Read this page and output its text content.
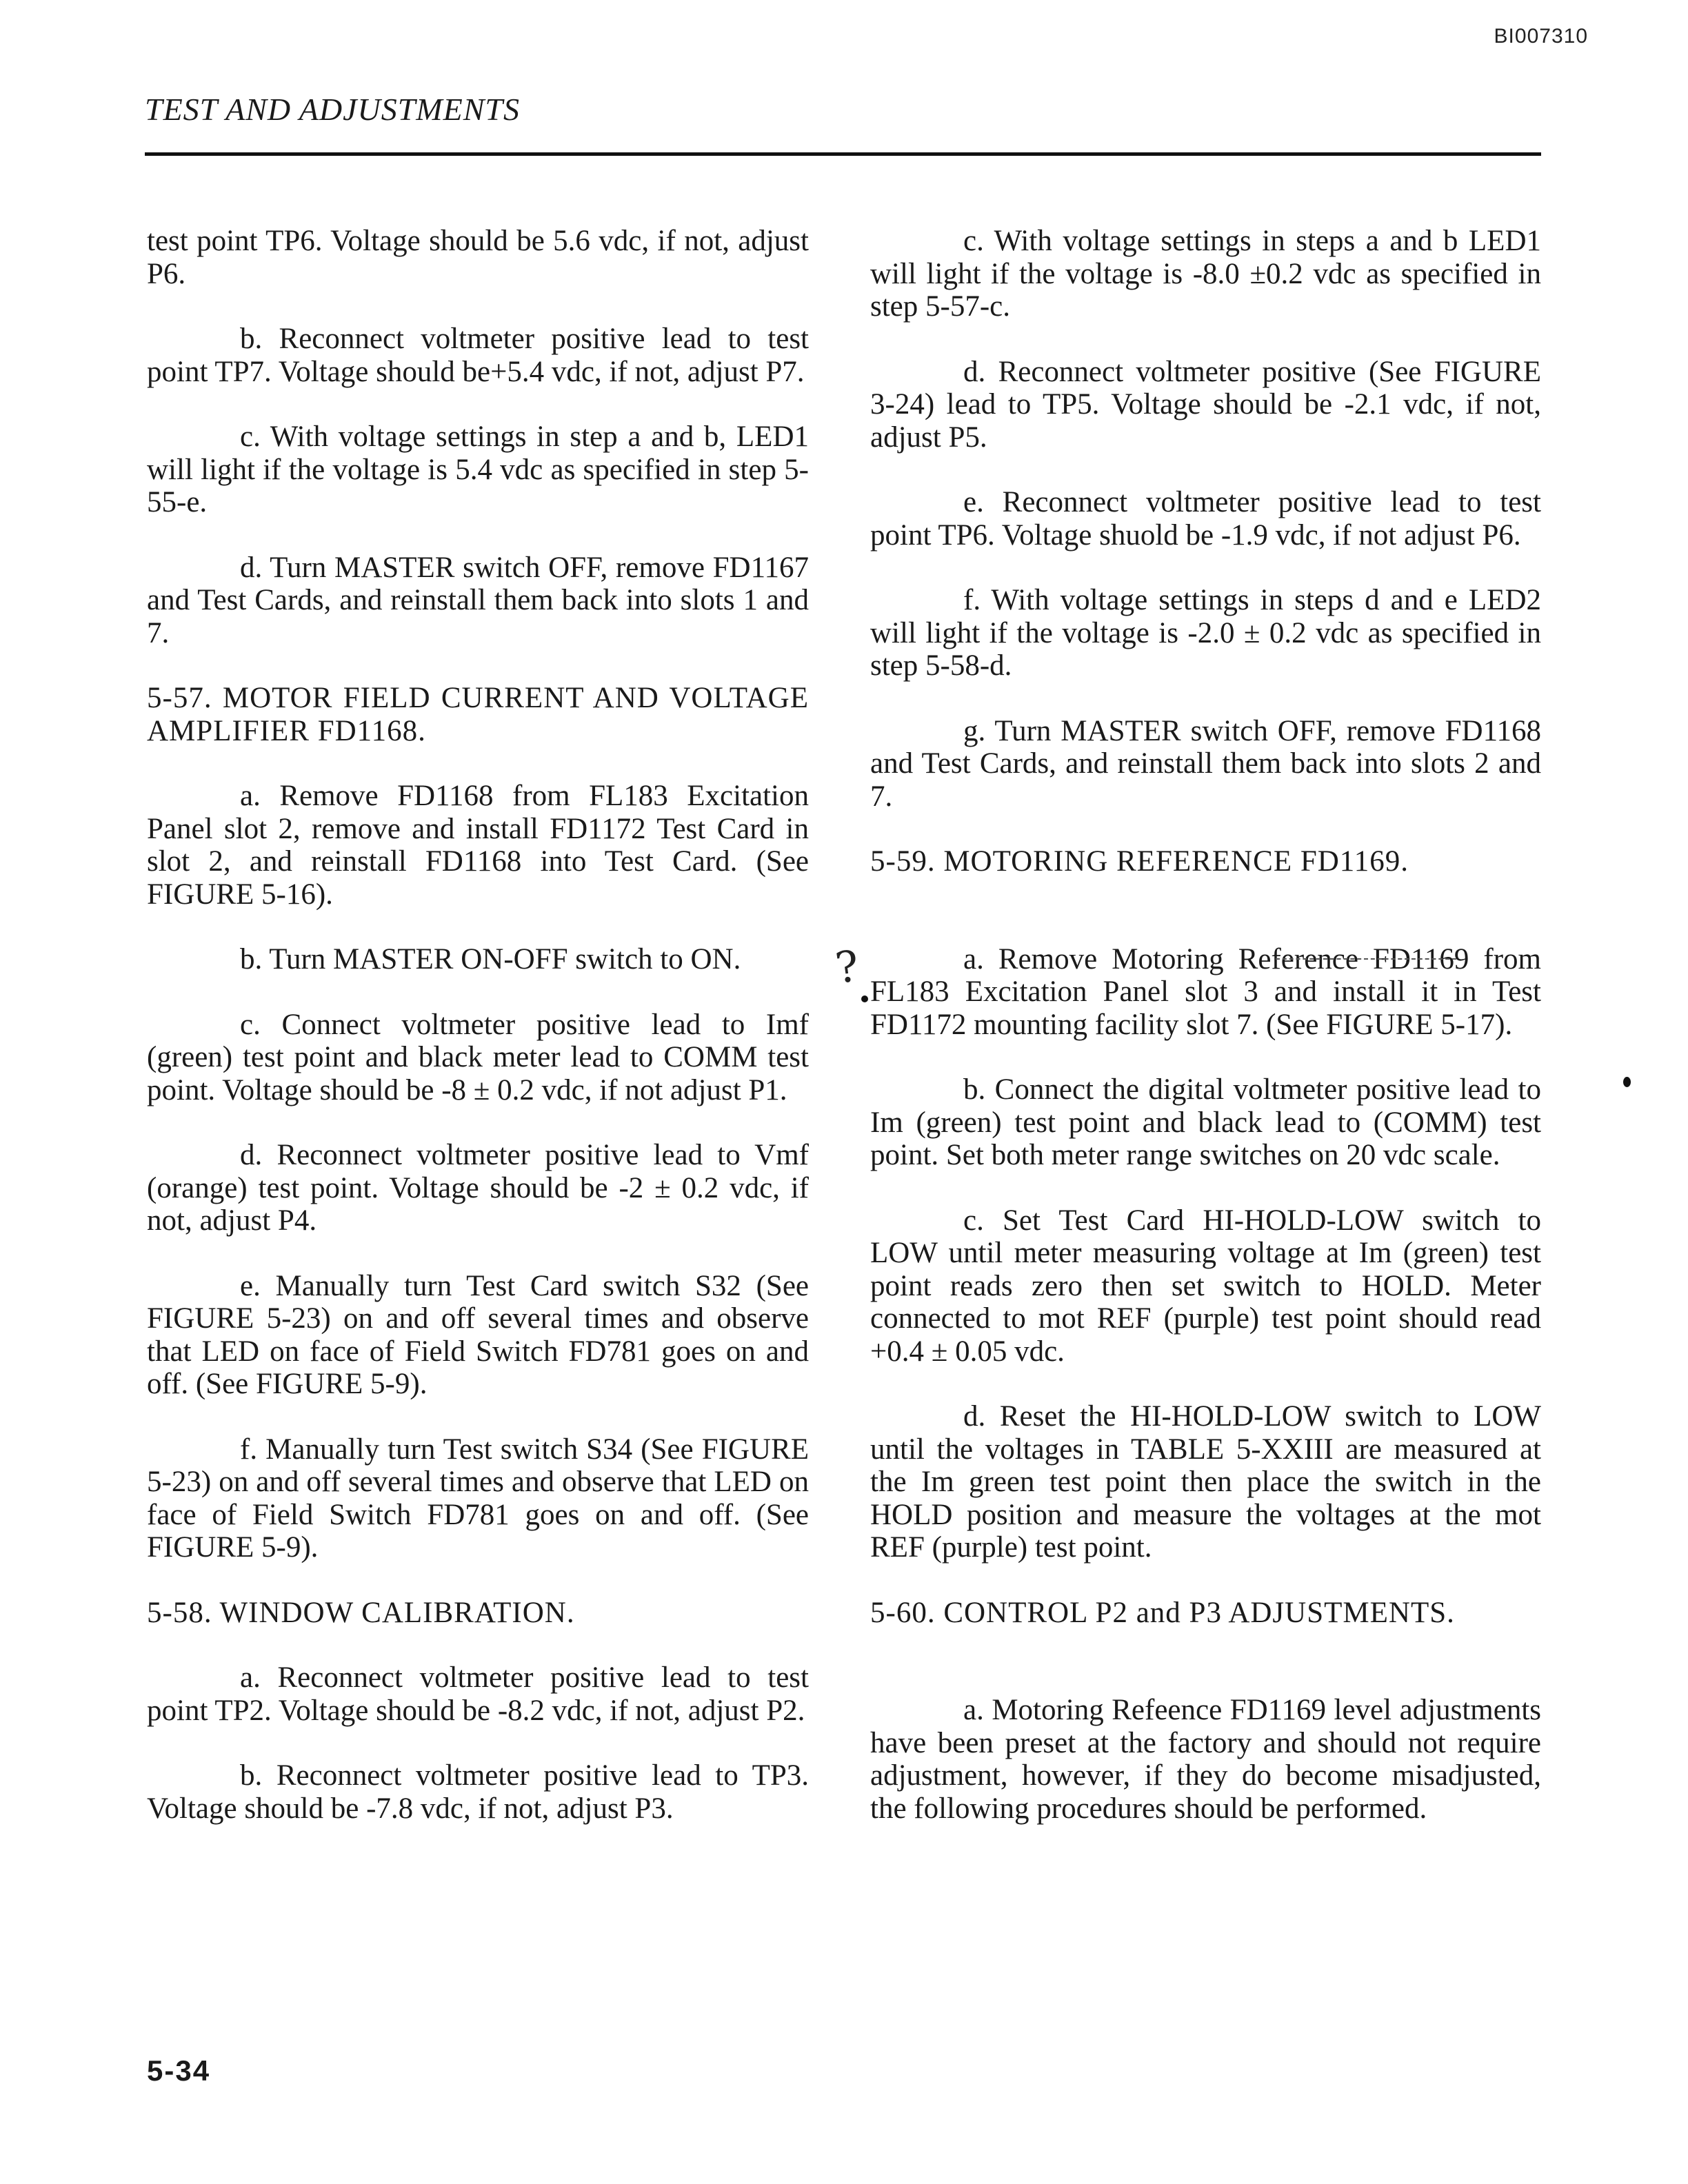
BI007310
TEST AND ADJUSTMENTS

test point TP6. Voltage should be 5.6 vdc, if not, adjust P6.

b. Reconnect voltmeter positive lead to test point TP7. Voltage should be+5.4 vdc, if not, adjust P7.

c. With voltage settings in step a and b, LED1 will light if the voltage is 5.4 vdc as specified in step 5-55-e.

d. Turn MASTER switch OFF, remove FD1167 and Test Cards, and reinstall them back into slots 1 and 7.

5-57. MOTOR FIELD CURRENT AND VOLTAGE AMPLIFIER FD1168.

a. Remove FD1168 from FL183 Excitation Panel slot 2, remove and install FD1172 Test Card in slot 2, and reinstall FD1168 into Test Card. (See FIGURE 5-16).

b. Turn MASTER ON-OFF switch to ON.

c. Connect voltmeter positive lead to Imf (green) test point and black meter lead to COMM test point. Voltage should be -8 ± 0.2 vdc, if not adjust P1.

d. Reconnect voltmeter positive lead to Vmf (orange) test point. Voltage should be -2 ± 0.2 vdc, if not, adjust P4.

e. Manually turn Test Card switch S32 (See FIGURE 5-23) on and off several times and observe that LED on face of Field Switch FD781 goes on and off. (See FIGURE 5-9).

f. Manually turn Test switch S34 (See FIGURE 5-23) on and off several times and observe that LED on face of Field Switch FD781 goes on and off. (See FIGURE 5-9).

5-58. WINDOW CALIBRATION.

a. Reconnect voltmeter positive lead to test point TP2. Voltage should be -8.2 vdc, if not, adjust P2.

b. Reconnect voltmeter positive lead to TP3. Voltage should be -7.8 vdc, if not, adjust P3.

c. With voltage settings in steps a and b LED1 will light if the voltage is -8.0 ±0.2 vdc as specified in step 5-57-c.

d. Reconnect voltmeter positive (See FIGURE 3-24) lead to TP5. Voltage should be -2.1 vdc, if not, adjust P5.

e. Reconnect voltmeter positive lead to test point TP6. Voltage shuold be -1.9 vdc, if not adjust P6.

f. With voltage settings in steps d and e LED2 will light if the voltage is -2.0 ± 0.2 vdc as specified in step 5-58-d.

g. Turn MASTER switch OFF, remove FD1168 and Test Cards, and reinstall them back into slots 2 and 7.

5-59. MOTORING REFERENCE FD1169.

a. Remove Motoring Reference FD1169 from FL183 Excitation Panel slot 3 and install it in Test FD1172 mounting facility slot 7. (See FIGURE 5-17).

b. Connect the digital voltmeter positive lead to Im (green) test point and black lead to (COMM) test point. Set both meter range switches on 20 vdc scale.

c. Set Test Card HI-HOLD-LOW switch to LOW until meter measuring voltage at Im (green) test point reads zero then set switch to HOLD. Meter connected to mot REF (purple) test point should read +0.4 ± 0.05 vdc.

d. Reset the HI-HOLD-LOW switch to LOW until the voltages in TABLE 5-XXIII are measured at the Im green test point then place the switch in the HOLD position and measure the voltages at the mot REF (purple) test point.

5-60. CONTROL P2 and P3 ADJUSTMENTS.

a. Motoring Refeence FD1169 level adjustments have been preset at the factory and should not require adjustment, however, if they do become misadjusted, the following procedures should be performed.

?
5-34
